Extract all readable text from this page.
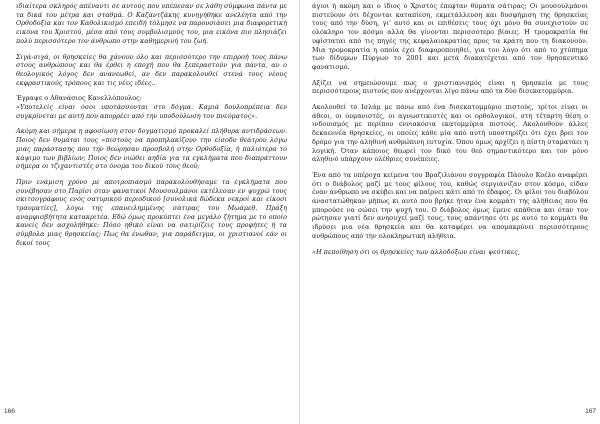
ιδιαίτερα σκληρός απέναντι σε αυτούς που υπέπεσαν σε λάθη σύμφωνα πάντα με τα δικά του μέτρα και σταθμά. Ο Καζαντζάκης κυνηγήθηκε ανελέητα από την Ορθοδοξία και τον Καθολικισμό επειδή τόλμησε να παρουσιάσει μια διαφορετική εικόνα του Χριστού, μέσα από τους συμβολισμούς του, μια εικόνα πιο πλησιάζει πολύ περισσότερο τον άνθρωπο στην καθημερινή του ζωή.

Σιγά-σιγά, οι θρησκείες θα χάνουν όλο και περισσότερο την επιρροή τους πάνω στους ανθρώπους και θα έρθει η εποχή που θα ξεπεραστούν για πάντα, αν ο θεολογικός λόγος δεν ανανεωθεί, αν δεν παρακολουθεί στενά τους νέους εκφραστικούς τρόπους και τις νέες ιδέες..

Έγραψε ο Αθανάσιος Κανελλόπουλος:

«Υποτελείς είναι όσοι υποτάσσονται στο δόγμα. Καμιά δουλοπρέπεια δεν συγκρίνεται με αυτή που απορρέει από την υποδούλωση του πνεύματος».

Ακόμη και σήμερα η αφοσίωση στον δογματισμό προκαλεί πλήθυρα αντιδράσεων. Ποιος δεν θυμάται τους «πιστούς να προπηλακίζουν την είσοδο θεάτρου λόγω μιας παράστασης που την θεώρησαν προσβολή στην Ορθοδοξία, ή παλιότερα το κάψιμο των βιβλίων; Ποιος δεν νιώθει αηδία για τα εγκλήματα που διαπράττουν σήμερα οι τζιχαντιστές στο όνομα του δικού τους θεού;

Πριν ενάμιση χρόνο με αποτροπιασμό παρακολουθήσαμε τα εγκλήματα που συνέβησαν στο Παρίσι όταν φανατικοί Μουσουλμάνοι εκτέλεσαν εν ψυχρώ τους σκιτσογράφους ενός σατυρικού περιοδικού [συνολικά δώδεκα νεκροί και είκοσι τραυματίες], λόγω της επανειλημμένης σάτιρας του Μωάμεθ. Πράξη αναμφισβήτητα κατακριτέα. Εδώ όμως προκύπτει ένα μεγάλο ζήτημα με το οποίο κανείς δεν ασχολήθηκε: Πόσο ηθικό είναι να σατιρίζεις τους προφήτες ή τα σύμβολα μιας θρησκείας; Πως θα ένωθαν, για παράδειγμα, οι χριστιανοί εάν οι δικοί τους

166

άγιοι ή ακόμη και ο ίδιος ο Χριστός έπεφταν θύματα σάτιρας; Οι μουσουλμάνοι πιστεύουν ότι δέχονται καταπίεση, εκμετάλλευση και δυσφήμιση της θρησκείας τους από την δύση, γι' αυτό και οι επιθέσεις τους όχι μόνο θα συνεχιστούν σε ολόκληρο τον κόσμο αλλά θα γίνονται περισσότερο βίαιες. Η τρομοκρατία θα υφίσταται από τις πηγές της κεφαλαιοκρατίας προς τα κράτη που τη διακονούν. Μια τρομοκρατία η οποία έχει διαφοροποιηθεί, για τον λόγο ότι από το χτύπημα των δίδυμων Πύργων το 2001 και μετά διακατέχεται από τον θρησκευτικό φανατισμό.

Αξίζει να σημειώσουμε πως ο χριστιανισμός είναι η θρησκεία με τους περισσότερους πιστούς που ανέρχονται λίγο πάνω από τα δύο δισεκατομμύρια.

Ακολουθεί το Ισλάμ με πάνω από ένα δισεκατομμύριο πιστούς, τρίτοι είναι οι άθεοι, οι ουμανιστές, οι αγνωστικιστές και οι ορθολογικοί, στη τέταρτη θέση ο ινδουισμός με περίπου εννιακόσια εκατομμύρια πιστούς. Ακολουθούν άλλες δεκαεννέα θρησκείες, οι οποίες κάθε μία από αυτή υποστηρίζει ότι έχει βρει τον δρόμο για την αληθινή ανθρώπινη ευτυχία. Όπου όμως αρχίζει η πίστη σταματάει η λογική. Όταν κάποιος θεωρεί τον δικό του θεό σημαντικότερο και τον μόνο αληθινό υπάρχουν ολέθριες συνέπειες.

Ένα από τα υπέροχα κείμενα του Βραζιλιάνου συγγραφέα Πάουλο Κοέλο αναφέρει ότι ο διάβολος μαζί με τους φίλους του, καθώς σεργιάνιζαν στον κόσμο, είδαν έναν άνθρωπο να σκύβει και να παίρνει κάτι από το έδαφος. Οι φίλοι του διαβόλου αναστατώθηκαν μήπως κι αυτό που βρήκε ήταν ένα κομμάτι της αλήθειας που θα μπορούσε να σώσει την ψυχή του. Ο διάβολος όμως έμενε απάθεια και όταν τον ρώτησαν γιατί δεν ανησυχεί μαζί τους, τους απάντησε ότι με αυτό το κομμάτι θα ιδρύσει μια νέα θρησκεία και θα καταφέρει να απομακρύνει περισσότερους ανθρώπους από την ολοκληρωτική αλήθεια.

«Η πεποίθηση ότι οι θρησκείες των αλλοδόξων είναι ψεύτικες,

167
